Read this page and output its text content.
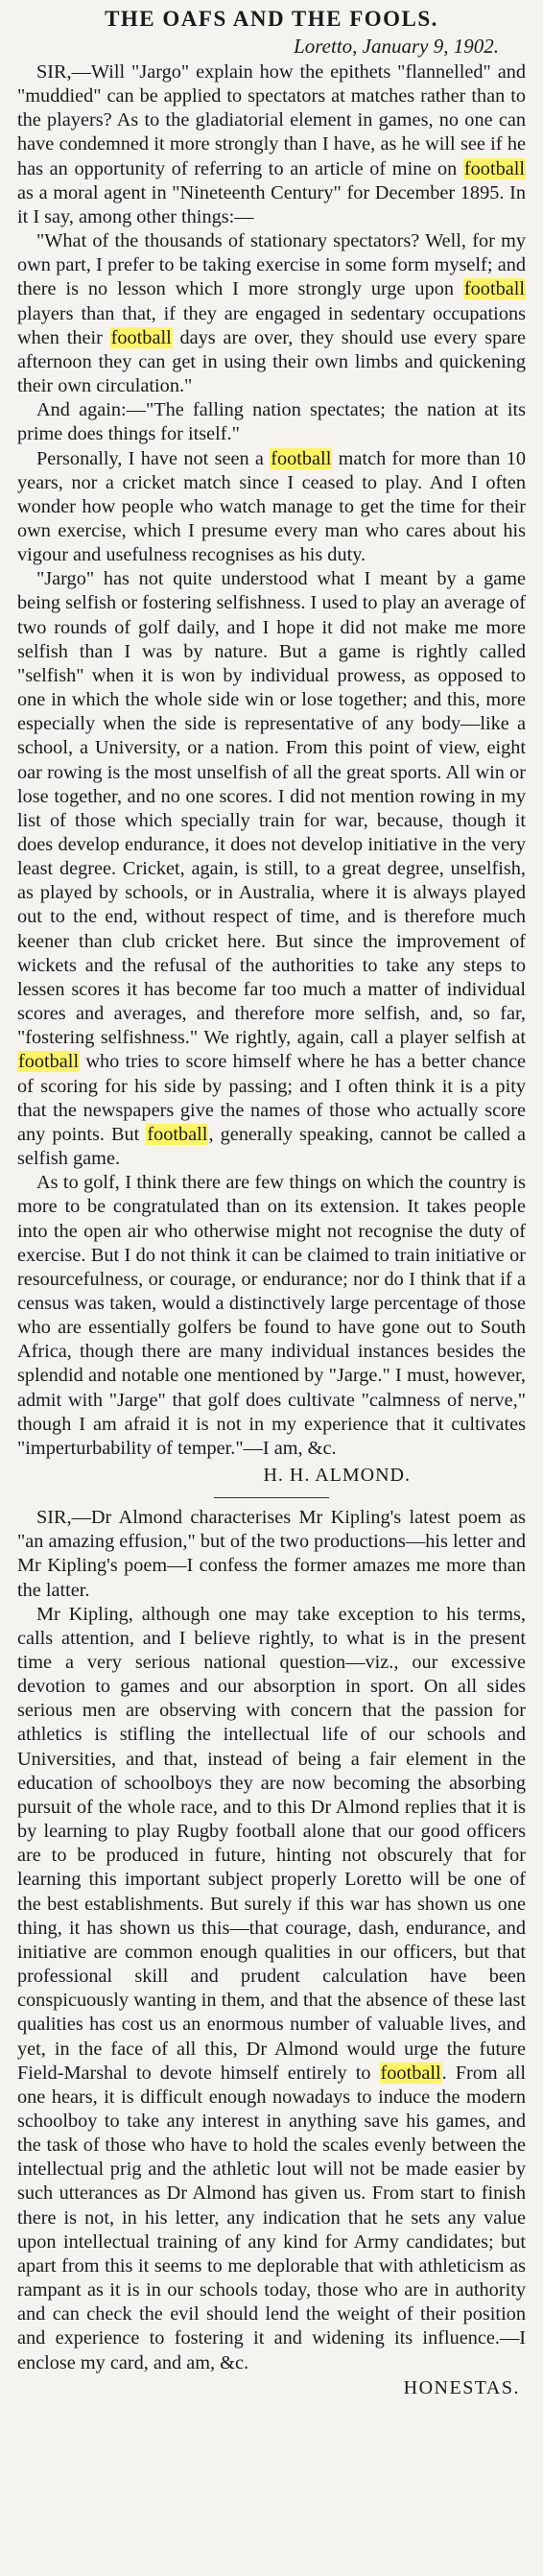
THE OAFS AND THE FOOLS.
Loretto, January 9, 1902.

SIR,—Will "Jargo" explain how the epithets "flannelled" and "muddied" can be applied to spectators at matches rather than to the players? As to the gladiatorial element in games, no one can have condemned it more strongly than I have, as he will see if he has an opportunity of referring to an article of mine on football as a moral agent in "Nineteenth Century" for December 1895. In it I say, among other things:—

"What of the thousands of stationary spectators? Well, for my own part, I prefer to be taking exercise in some form myself; and there is no lesson which I more strongly urge upon football players than that, if they are engaged in sedentary occupations when their football days are over, they should use every spare afternoon they can get in using their own limbs and quickening their own circulation."

And again:—"The falling nation spectates; the nation at its prime does things for itself."

Personally, I have not seen a football match for more than 10 years, nor a cricket match since I ceased to play. And I often wonder how people who watch manage to get the time for their own exercise, which I presume every man who cares about his vigour and usefulness recognises as his duty.

"Jargo" has not quite understood what I meant by a game being selfish or fostering selfishness. I used to play an average of two rounds of golf daily, and I hope it did not make me more selfish than I was by nature. But a game is rightly called "selfish" when it is won by individual prowess, as opposed to one in which the whole side win or lose together; and this, more especially when the side is representative of any body—like a school, a University, or a nation. From this point of view, eight oar rowing is the most unselfish of all the great sports. All win or lose together, and no one scores. I did not mention rowing in my list of those which specially train for war, because, though it does develop endurance, it does not develop initiative in the very least degree. Cricket, again, is still, to a great degree, unselfish, as played by schools, or in Australia, where it is always played out to the end, without respect of time, and is therefore much keener than club cricket here. But since the improvement of wickets and the refusal of the authorities to take any steps to lessen scores it has become far too much a matter of individual scores and averages, and therefore more selfish, and, so far, "fostering selfishness." We rightly, again, call a player selfish at football who tries to score himself where he has a better chance of scoring for his side by passing; and I often think it is a pity that the newspapers give the names of those who actually score any points. But football, generally speaking, cannot be called a selfish game.

As to golf, I think there are few things on which the country is more to be congratulated than on its extension. It takes people into the open air who otherwise might not recognise the duty of exercise. But I do not think it can be claimed to train initiative or resourcefulness, or courage, or endurance; nor do I think that if a census was taken, would a distinctively large percentage of those who are essentially golfers be found to have gone out to South Africa, though there are many individual instances besides the splendid and notable one mentioned by "Jarge." I must, however, admit with "Jarge" that golf does cultivate "calmness of nerve," though I am afraid it is not in my experience that it cultivates "imperturbability of temper."—I am, &c.

H. H. ALMOND.

SIR,—Dr Almond characterises Mr Kipling's latest poem as "an amazing effusion," but of the two productions—his letter and Mr Kipling's poem—I confess the former amazes me more than the latter.

Mr Kipling, although one may take exception to his terms, calls attention, and I believe rightly, to what is in the present time a very serious national question—viz., our excessive devotion to games and our absorption in sport. On all sides serious men are observing with concern that the passion for athletics is stifling the intellectual life of our schools and Universities, and that, instead of being a fair element in the education of schoolboys they are now becoming the absorbing pursuit of the whole race, and to this Dr Almond replies that it is by learning to play Rugby football alone that our good officers are to be produced in future, hinting not obscurely that for learning this important subject properly Loretto will be one of the best establishments. But surely if this war has shown us one thing, it has shown us this—that courage, dash, endurance, and initiative are common enough qualities in our officers, but that professional skill and prudent calculation have been conspicuously wanting in them, and that the absence of these last qualities has cost us an enormous number of valuable lives, and yet, in the face of all this, Dr Almond would urge the future Field-Marshal to devote himself entirely to football. From all one hears, it is difficult enough nowadays to induce the modern schoolboy to take any interest in anything save his games, and the task of those who have to hold the scales evenly between the intellectual prig and the athletic lout will not be made easier by such utterances as Dr Almond has given us. From start to finish there is not, in his letter, any indication that he sets any value upon intellectual training of any kind for Army candidates; but apart from this it seems to me deplorable that with athleticism as rampant as it is in our schools today, those who are in authority and can check the evil should lend the weight of their position and experience to fostering it and widening its influence.—I enclose my card, and am, &c.

HONESTAS.
